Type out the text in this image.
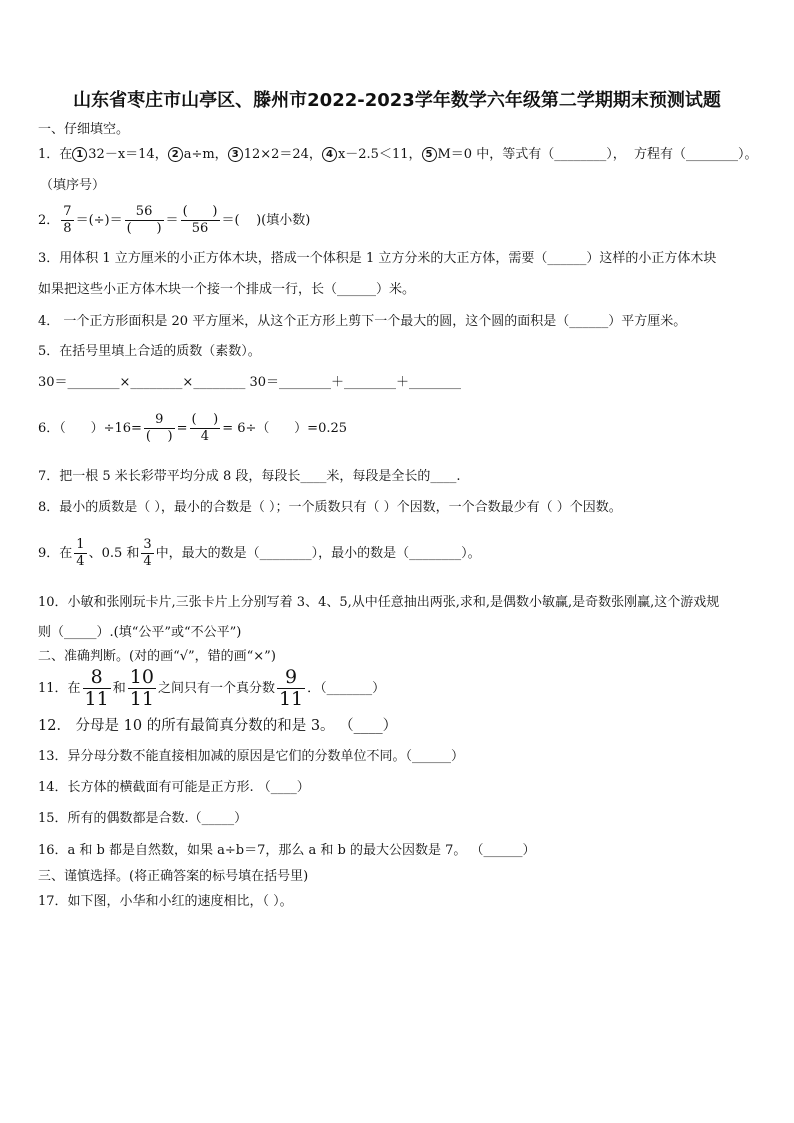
山东省枣庄市山亭区、滕州市2022-2023学年数学六年级第二学期期末预测试题
一、仔细填空。
1．在 1 32－x＝14， 2 a÷m， 3 12×2＝24， 4 x－2.5＜11， 5 M＝0 中，等式有（________），  方程有（________）。
（填序号）
2． $\frac{7}{8}$ ＝(÷)＝ $\frac{56}{( )} = \frac{( )}{56}$ ＝(    )(填小数)
3．用体积 1 立方厘米的小正方体木块，搭成一个体积是 1 立方分米的大正方体，需要（______）这样的小正方体木块
如果把这些小正方体木块一个接一个排成一行，长（______）米。
4． 一个正方形面积是 20 平方厘米，从这个正方形上剪下一个最大的圆，这个圆的面积是（______）平方厘米。
5．在括号里填上合适的质数（素数）。
30＝________×________×________ 30＝________＋________＋________
6．（      ）$\div 16= \frac{9}{( )} = \frac{( )}{4} = 6\div$（      ）=0.25
7．把一根 5 米长彩带平均分成 8 段，每段长____米，每段是全长的____.
8．最小的质数是（ ），最小的合数是（ ）；一个质数只有（ ）个因数，一个合数最少有（ ）个因数。
9．在 $\frac{1}{4}$ 、0.5 和 $\frac{3}{4}$ 中，最大的数是（________），最小的数是（________）。
10．小敏和张刚玩卡片,三张卡片上分别写着 3、4、5,从中任意抽出两张,求和,是偶数小敏赢,是奇数张刚赢,这个游戏规
则（_____）.(填“公平”或“不公平”)
二、准确判断。(对的画“√”，错的画“×”)
11．在 $\frac{8}{11}$ 和 $\frac{10}{11}$ 之间只有一个真分数 $\frac{9}{11}$ ．（_______）
12． 分母是 10 的所有最简真分数的和是 3。 （____）
13．异分母分数不能直接相加减的原因是它们的分数单位不同。（______）
14．长方体的横截面有可能是正方形. （____）
15．所有的偶数都是合数.（_____）
16．a 和 b 都是自然数，如果 a÷b＝7，那么 a 和 b 的最大公因数是 7。 （______）
三、谨慎选择。(将正确答案的标号填在括号里)
17．如下图，小华和小红的速度相比，（ ）。
